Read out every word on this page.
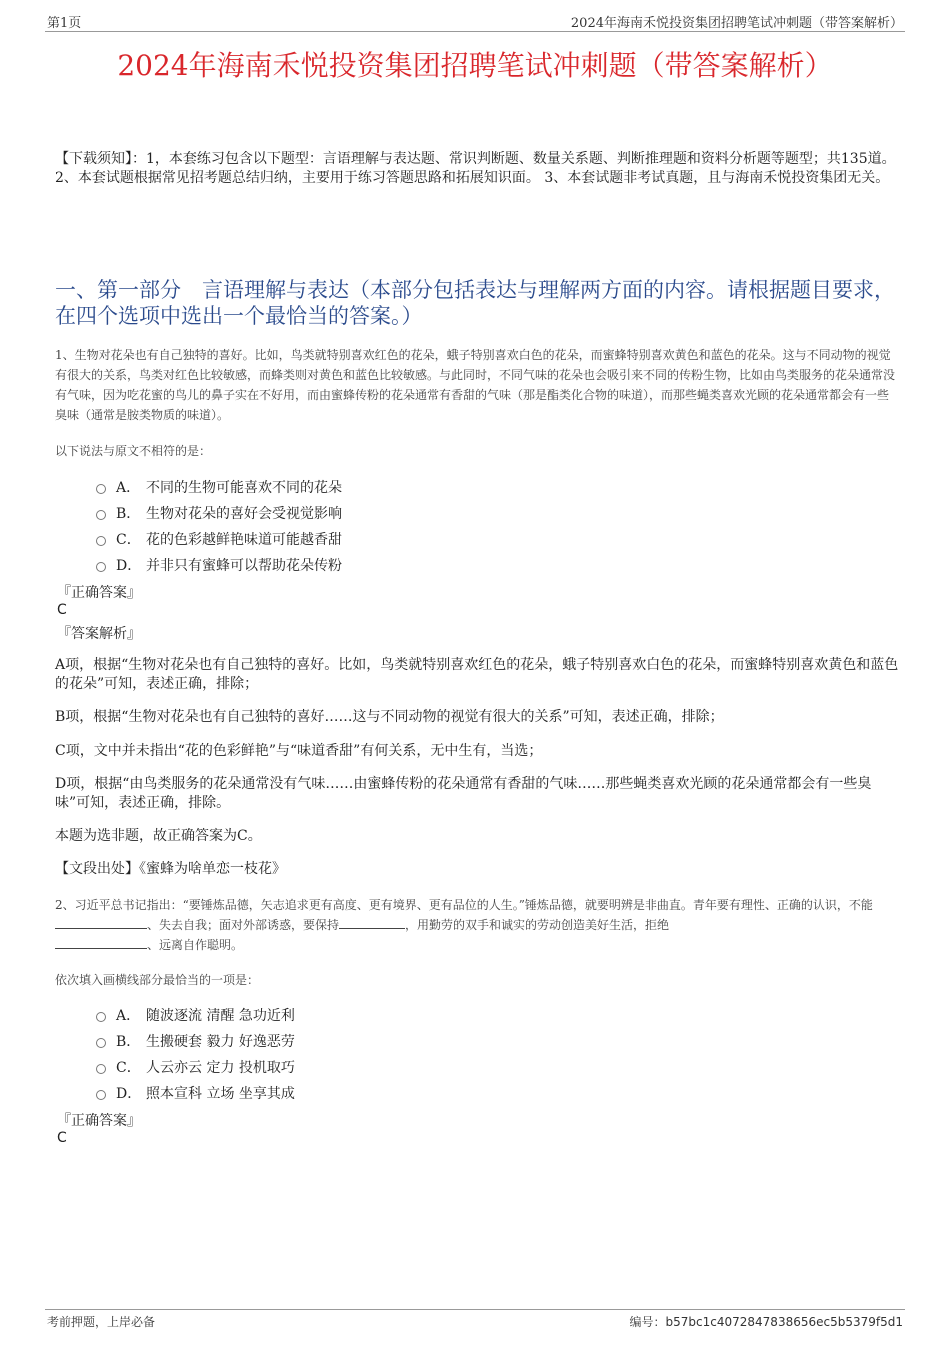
第1页	2024年海南禾悦投资集团招聘笔试冲刺题（带答案解析）
2024年海南禾悦投资集团招聘笔试冲刺题（带答案解析）
【下载须知】：1，本套练习包含以下题型：言语理解与表达题、常识判断题、数量关系题、判断推理题和资料分析题等题型；共135道。 2、本套试题根据常见招考题总结归纳，主要用于练习答题思路和拓展知识面。 3、本套试题非考试真题，且与海南禾悦投资集团无关。
一、第一部分　言语理解与表达（本部分包括表达与理解两方面的内容。请根据题目要求，在四个选项中选出一个最恰当的答案。）
1、生物对花朵也有自己独特的喜好。比如，鸟类就特别喜欢红色的花朵，蛾子特别喜欢白色的花朵，而蜜蜂特别喜欢黄色和蓝色的花朵。这与不同动物的视觉有很大的关系，鸟类对红色比较敏感，而蜂类则对黄色和蓝色比较敏感。与此同时，不同气味的花朵也会吸引来不同的传粉生物，比如由鸟类服务的花朵通常没有气味，因为吃花蜜的鸟儿的鼻子实在不好用，而由蜜蜂传粉的花朵通常有香甜的气味（那是酯类化合物的味道），而那些蝇类喜欢光顾的花朵通常都会有一些臭味（通常是胺类物质的味道）。
以下说法与原文不相符的是：
A． 不同的生物可能喜欢不同的花朵
B． 生物对花朵的喜好会受视觉影响
C． 花的色彩越鲜艳味道可能越香甜
D． 并非只有蜜蜂可以帮助花朵传粉
『正确答案』
C
『答案解析』
A项，根据“生物对花朵也有自己独特的喜好。比如，鸟类就特别喜欢红色的花朵，蛾子特别喜欢白色的花朵，而蜜蜂特别喜欢黄色和蓝色的花朵”可知，表述正确，排除；
B项，根据“生物对花朵也有自己独特的喜好……这与不同动物的视觉有很大的关系”可知，表述正确，排除；
C项，文中并未指出“花的色彩鲜艳”与“味道香甜”有何关系，无中生有，当选；
D项，根据“由鸟类服务的花朵通常没有气味……由蜜蜂传粉的花朵通常有香甜的气味……那些蝇类喜欢光顾的花朵通常都会有一些臭味”可知，表述正确，排除。
本题为选非题，故正确答案为C。
【文段出处】《蜜蜂为啥单恋一枝花》
2、习近平总书记指出：“要锤炼品德，矢志追求更有高度、更有境界、更有品位的人生。”锤炼品德，就要明辨是非曲直。青年要有理性、正确的认识，不能、失去自我；面对外部诱惑，要保持	，用勤劳的双手和诚实的劳动创造美好生活，拒绝
、远离自作聪明。
依次填入画横线部分最恰当的一项是：
A． 随波逐流 清醒 急功近利
B． 生搬硬套 毅力 好逸恶劳
C． 人云亦云 定力 投机取巧
D． 照本宣科 立场 坐享其成
『正确答案』
C
考前押题，上岸必备	编号：b57bc1c4072847838656ec5b5379f5d1
